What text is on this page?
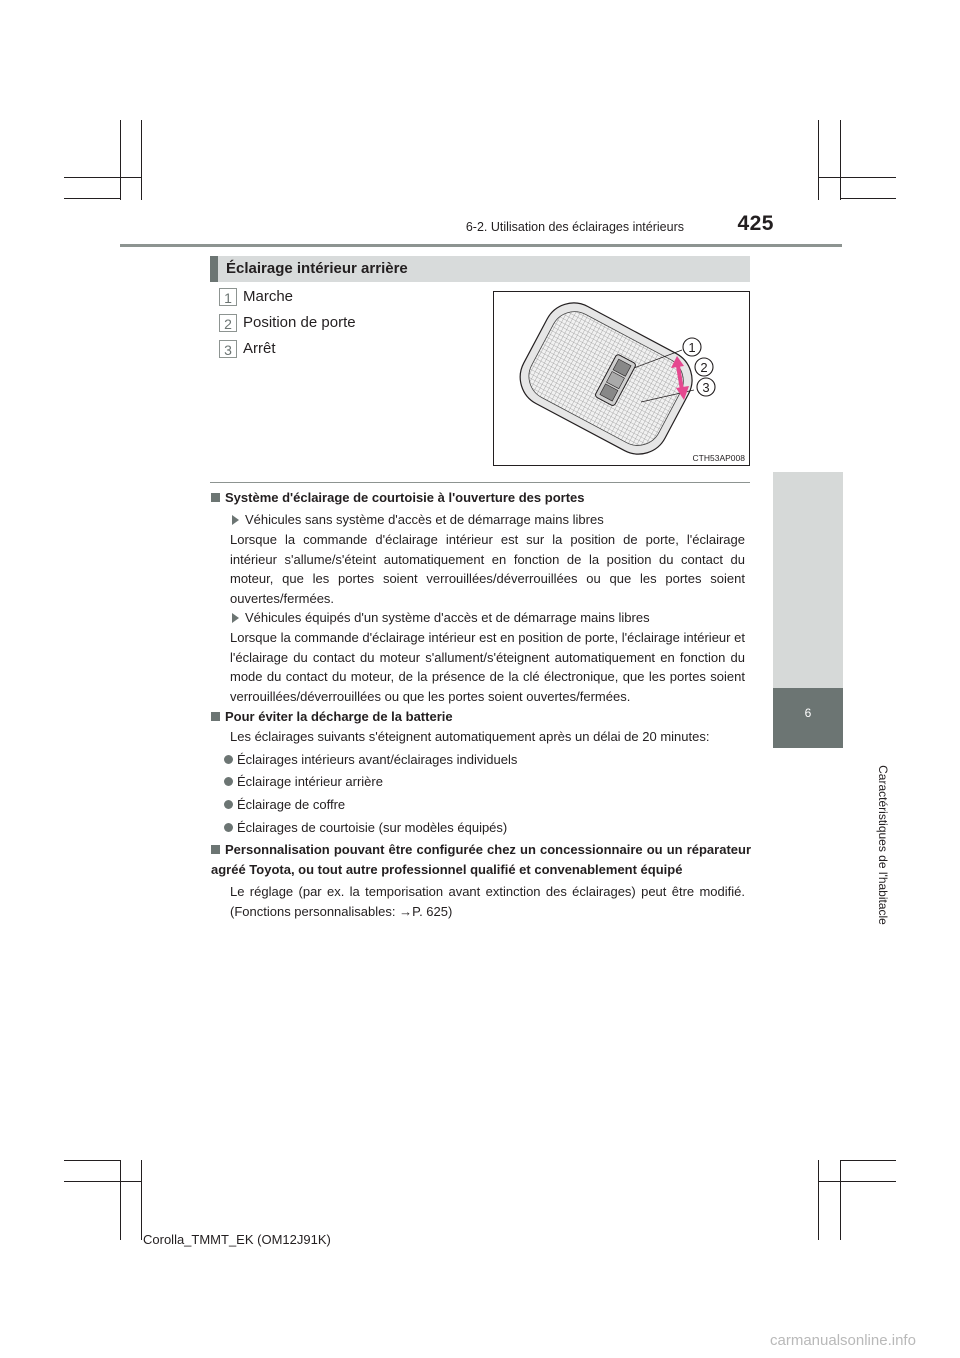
6-2. Utilisation des éclairages intérieurs	425
6
Caractéristiques de l'habitacle
Éclairage intérieur arrière
1 Marche
2 Position de porte
3 Arrêt	1
2
3
CTH53AP008
Système d'éclairage de courtoisie à l'ouverture des portes
Véhicules sans système d'accès et de démarrage mains libres
Lorsque la commande d'éclairage intérieur est sur la position de porte, l'éclairage intérieur s'allume/s'éteint automatiquement en fonction de la position du contact du moteur, que les portes soient verrouillées/déverrouillées ou que les portes soient ouvertes/fermées.
Véhicules équipés d'un système d'accès et de démarrage mains libres
Lorsque la commande d'éclairage intérieur est en position de porte, l'éclairage intérieur et l'éclairage du contact du moteur s'allument/s'éteignent automatiquement en fonction du mode du contact du moteur, de la présence de la clé électronique, que les portes soient verrouillées/déverrouillées ou que les portes soient ouvertes/fermées.
Pour éviter la décharge de la batterie
Les éclairages suivants s'éteignent automatiquement après un délai de 20 minutes:
Éclairages intérieurs avant/éclairages individuels
Éclairage intérieur arrière
Éclairage de coffre
Éclairages de courtoisie (sur modèles équipés)
Personnalisation pouvant être configurée chez un concessionnaire ou un réparateur agréé Toyota, ou tout autre professionnel qualifié et convenablement équipé
Le réglage (par ex. la temporisation avant extinction des éclairages) peut être modifié. (Fonctions personnalisables: →P. 625)
Corolla_TMMT_EK (OM12J91K)
carmanualsonline.info
